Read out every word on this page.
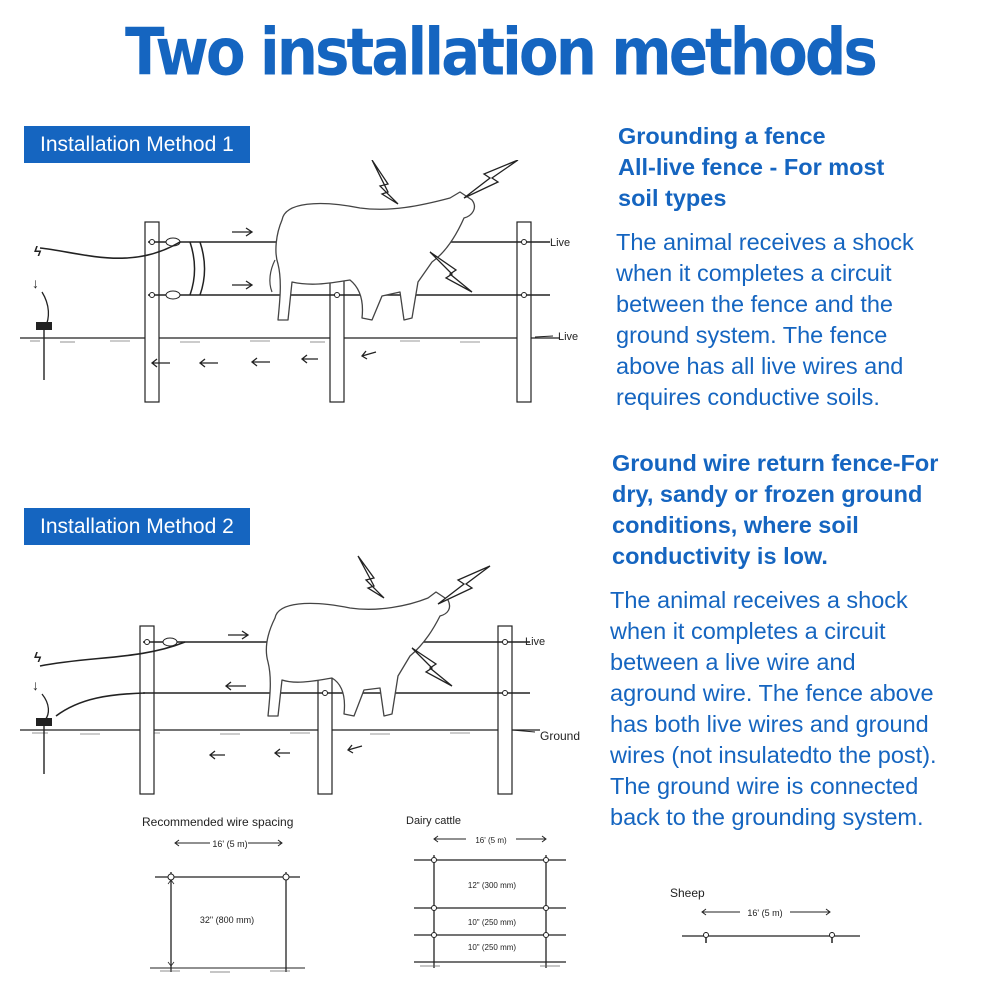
Two installation methods
Installation Method 1
ϟ
↓
Live
Live

Grounding a fence
All-live fence - For most
soil types

The animal receives a shock
when it completes a circuit
between the fence and the
ground system. The fence
above has all live wires and
requires conductive soils.

Installation Method 2
ϟ
↓
Live
Ground

Ground wire return fence-For
dry, sandy or frozen ground
conditions, where soil
conductivity is low.

The animal receives a shock
when it completes a circuit
between a live wire and
aground wire. The fence above
has both live wires and ground
wires (not insulatedto the post).
The ground wire is connected
back to the grounding system.

Recommended wire spacing
16' (5 m)
32" (800 mm)
Dairy cattle
16' (5 m)
12" (300 mm)
10" (250 mm)
10" (250 mm)
Sheep
16' (5 m)
